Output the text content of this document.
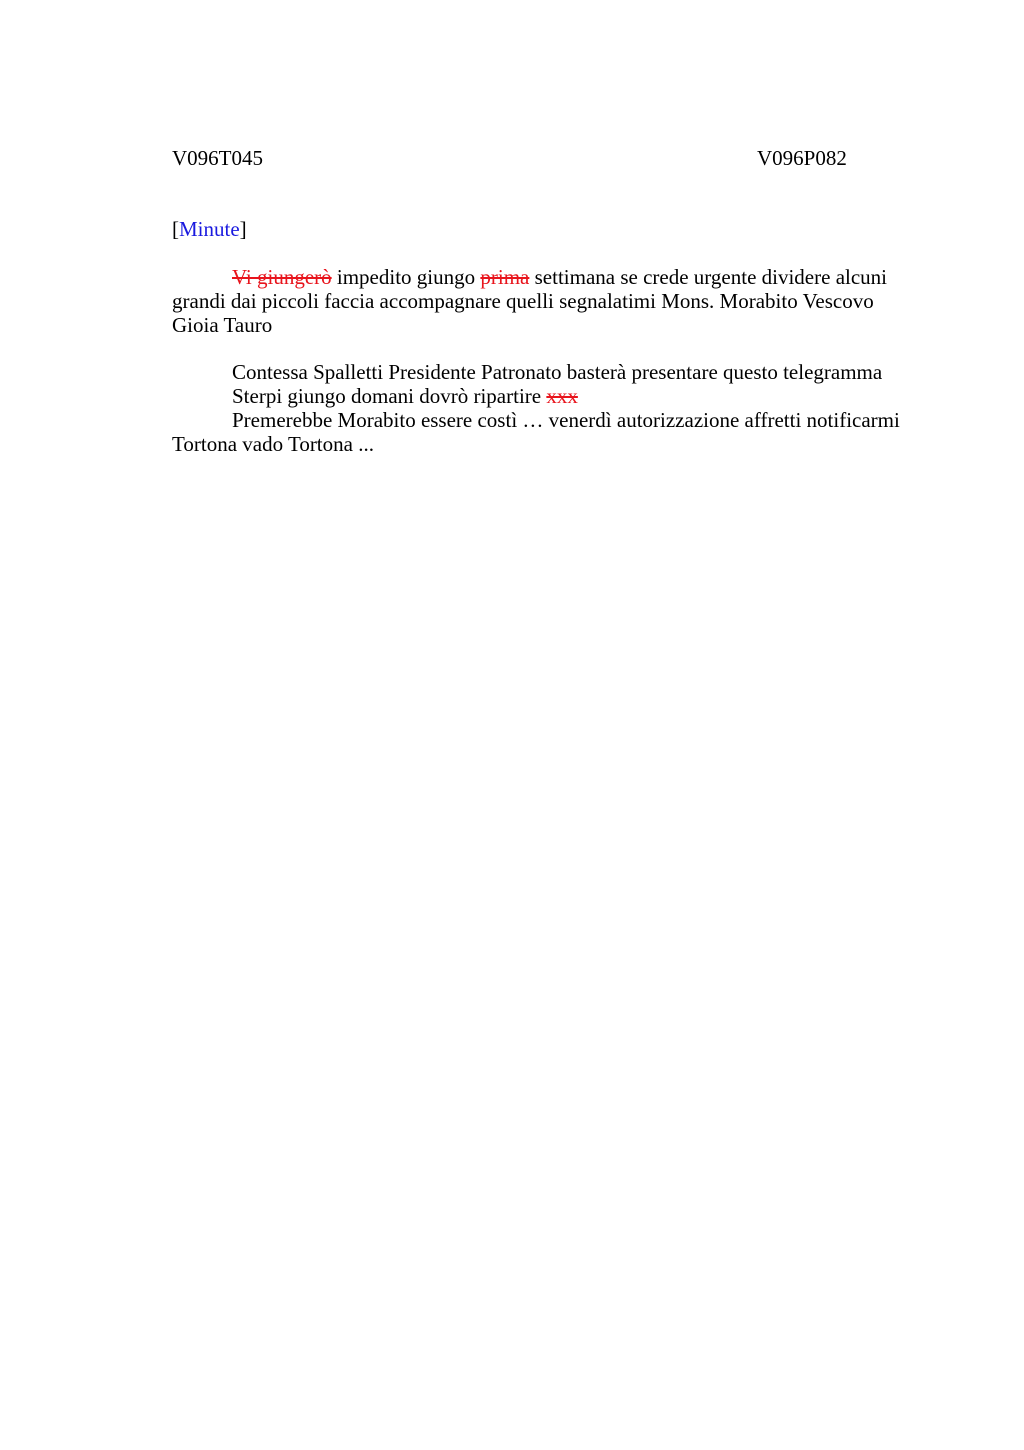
V096T045	V096P082
[Minute]

Vi giungerò impedito giungo prima settimana se crede urgente dividere alcuni grandi dai piccoli faccia accompagnare quelli segnalatimi Mons. Morabito Vescovo Gioia Tauro

Contessa Spalletti Presidente Patronato basterà presentare questo telegramma

Sterpi giungo domani dovrò ripartire xxx

Premerebbe Morabito essere costì … venerdì autorizzazione affretti notificarmi Tortona vado Tortona ...
